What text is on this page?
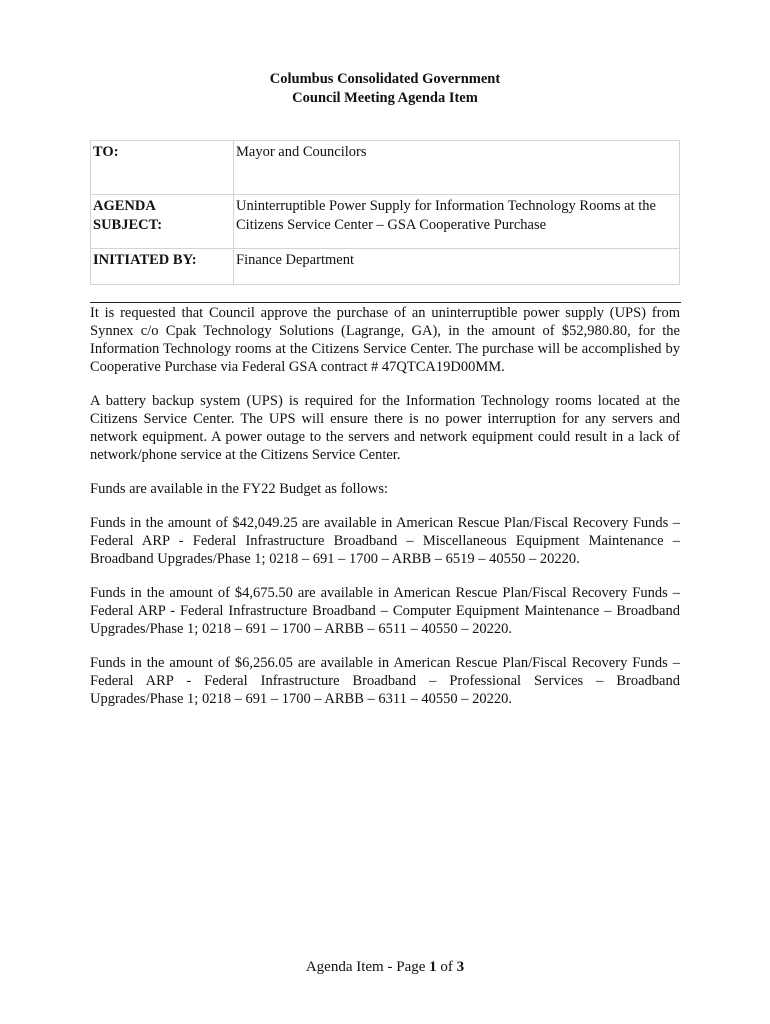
Columbus Consolidated Government
Council Meeting Agenda Item
TO:	Mayor and Councilors

AGENDA
SUBJECT:	Uninterruptible Power Supply for Information Technology Rooms at the Citizens Service Center – GSA Cooperative Purchase
INITIATED BY:	Finance Department

It is requested that Council approve the purchase of an uninterruptible power supply (UPS) from Synnex c/o Cpak Technology Solutions (Lagrange, GA), in the amount of $52,980.80, for the Information Technology rooms at the Citizens Service Center. The purchase will be accomplished by Cooperative Purchase via Federal GSA contract # 47QTCA19D00MM.

A battery backup system (UPS) is required for the Information Technology rooms located at the Citizens Service Center. The UPS will ensure there is no power interruption for any servers and network equipment. A power outage to the servers and network equipment could result in a lack of network/phone service at the Citizens Service Center.

Funds are available in the FY22 Budget as follows:

Funds in the amount of $42,049.25 are available in American Rescue Plan/Fiscal Recovery Funds – Federal ARP - Federal Infrastructure Broadband – Miscellaneous Equipment Maintenance – Broadband Upgrades/Phase 1; 0218 – 691 – 1700 – ARBB – 6519 – 40550 – 20220.

Funds in the amount of $4,675.50 are available in American Rescue Plan/Fiscal Recovery Funds – Federal ARP - Federal Infrastructure Broadband – Computer Equipment Maintenance – Broadband Upgrades/Phase 1; 0218 – 691 – 1700 – ARBB – 6511 – 40550 – 20220.

Funds in the amount of $6,256.05 are available in American Rescue Plan/Fiscal Recovery Funds – Federal ARP - Federal Infrastructure Broadband – Professional Services – Broadband Upgrades/Phase 1; 0218 – 691 – 1700 – ARBB – 6311 – 40550 – 20220.

Agenda Item - Page 1 of 3
